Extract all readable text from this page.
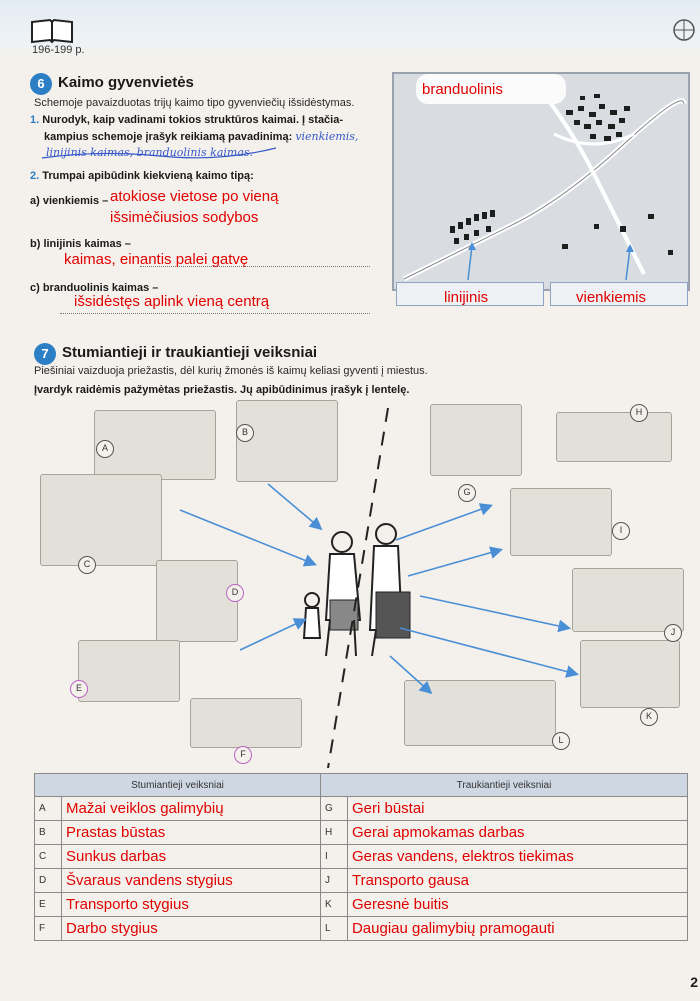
196-199 p.
6 Kaimo gyvenvietės
Schemoje pavaizduotas trijų kaimo tipo gyvenviečių išsidėstymas.
1. Nurodyk, kaip vadinami tokios struktūros kaimai. Į stačia-
kampius schemoje įrašyk reikiamą pavadinimą: vienkiemis,
linijinis kaimas, branduolinis kaimas.
2. Trumpai apibūdink kiekvieną kaimo tipą:
a) vienkiemis – atokiose vietose po vieną
išsimėčiusios sodybos
b) linijinis kaimas –
kaimas, einantis palei gatvę
c) branduolinis kaimas –
išsidėstęs aplink vieną centrą
branduolinis
linijinis	vienkiemis
7 Stumiantieji ir traukiantieji veiksniai
Piešiniai vaizduoja priežastis, dėl kurių žmonės iš kaimų keliasi gyventi į miestus.
Įvardyk raidėmis pažymėtas priežastis. Jų apibūdinimus įrašyk į lentelę.
A
B
C
D
E
F
G
H
I
J
K
L
Stumiantieji veiksniai		Traukiantieji veiksniai	
A	Mažai veiklos galimybių	G	Geri būstai
B	Prastas būstas	H	Gerai apmokamas darbas
C	Sunkus darbas	I	Geras vandens, elektros tiekimas
D	Švaraus vandens stygius	J	Transporto gausa
E	Transporto stygius	K	Geresnė buitis
F	Darbo stygius	L	Daugiau galimybių pramogauti
2
